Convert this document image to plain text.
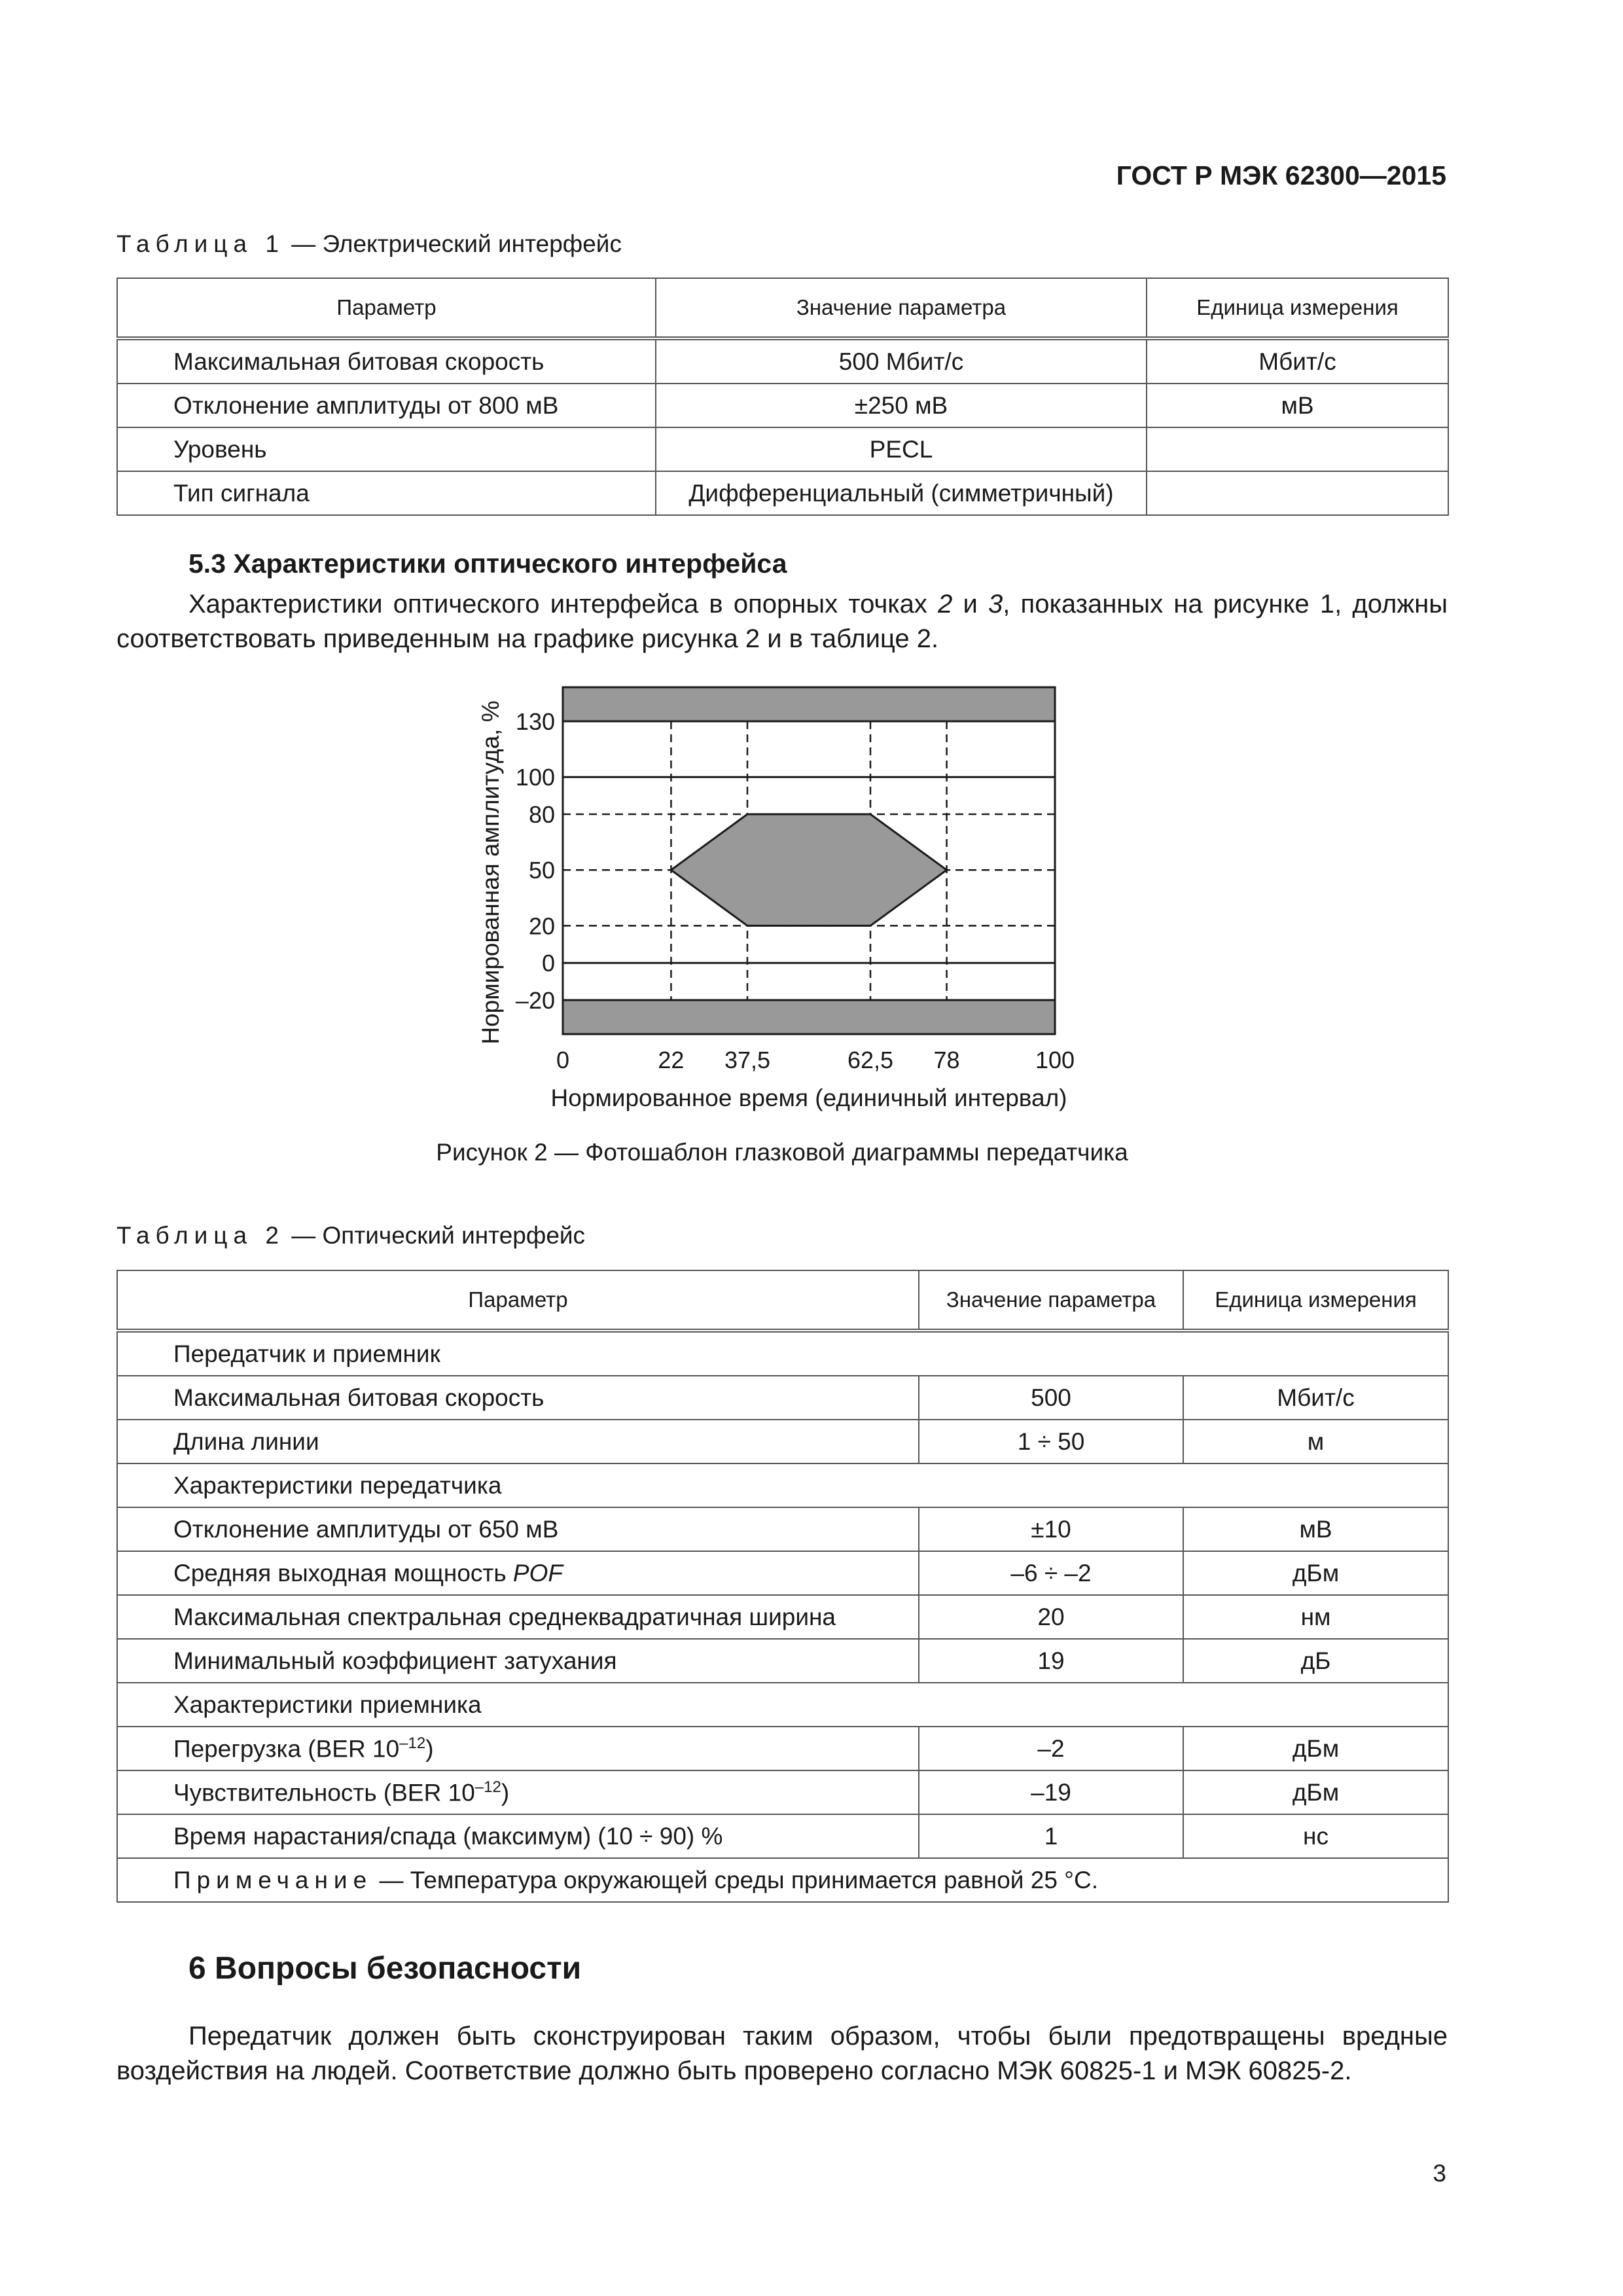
ГОСТ Р МЭК 62300—2015

Таблица 1 — Электрический интерфейс

Параметр	Значение параметра	Единица измерения
Максимальная битовая скорость	500 Мбит/с	Мбит/с
Отклонение амплитуды от 800 мВ	±250 мВ	мВ
Уровень	PECL	
Тип сигнала	Дифференциальный (симметричный)	

5.3 Характеристики оптического интерфейса

Характеристики оптического интерфейса в опорных точках 2 и 3, показанных на рисунке 1, должны соответствовать приведенным на графике рисунка 2 и в таблице 2.

130
100
80
50
20
0
–20
0	22 37,5	62,5 78	100
Нормированное время (единичный интервал)
Нормированная амплитуда, %

Рисунок 2 — Фотошаблон глазковой диаграммы передатчика

Таблица 2 — Оптический интерфейс

Параметр	Значение параметра	Единица измерения
Передатчик и приемник		
Максимальная битовая скорость	500	Мбит/с
Длина линии	1 ÷ 50	м
Характеристики передатчика		
Отклонение амплитуды от 650 мВ	±10	мВ
Средняя выходная мощность POF	–6 ÷ –2	дБм
Максимальная спектральная среднеквадратичная ширина	20	нм
Минимальный коэффициент затухания	19	дБ
Характеристики приемника		
Перегрузка (BER $10^{-12}$)	–2	дБм
Чувствительность (BER $10^{-12}$)	–19	дБм
Время нарастания/спада (максимум) (10 ÷ 90) %	1	нс
Примечание — Температура окружающей среды принимается равной 25 °C.		

6 Вопросы безопасности

Передатчик должен быть сконструирован таким образом, чтобы были предотвращены вредные воздействия на людей. Соответствие должно быть проверено согласно МЭК 60825-1 и МЭК 60825-2.

3
